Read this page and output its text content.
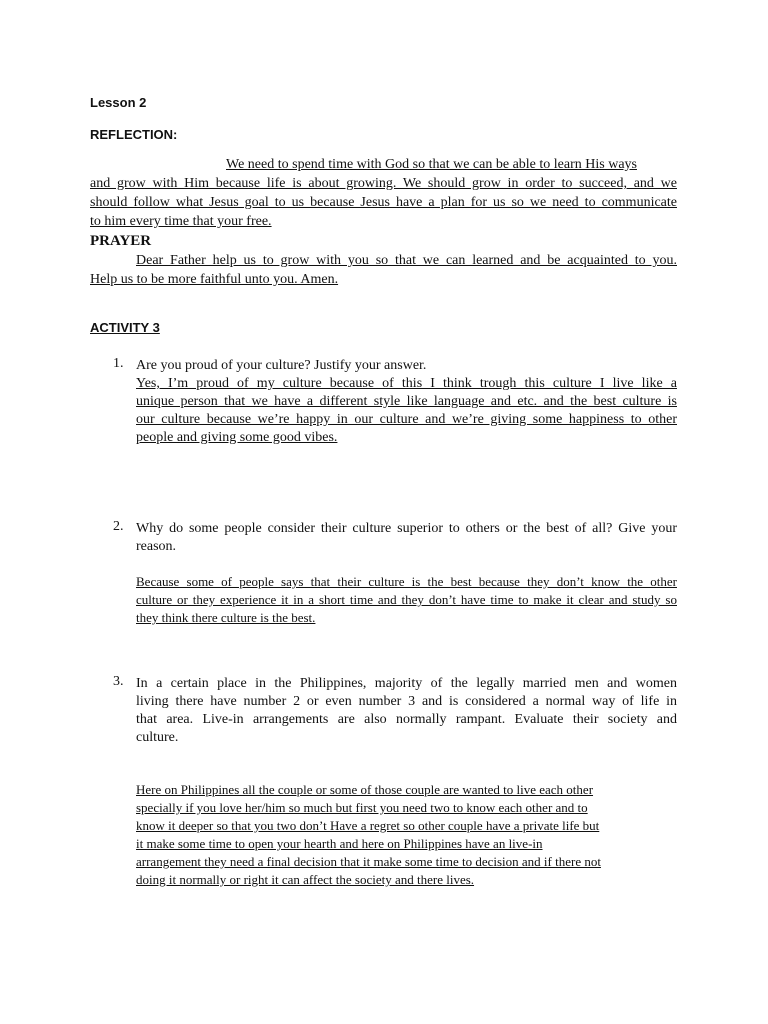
Lesson 2
REFLECTION:
We need to spend time with God so that we can be able to learn His ways
and grow with Him because life is about growing. We should grow in order to succeed, and we
should follow what Jesus goal to us because Jesus have a plan for us so we need to communicate
to him every time that your free.
PRAYER
Dear Father help us to grow with you so that we can learned and be acquainted to you.
Help us to be more faithful unto you. Amen.
ACTIVITY 3
1. Are you proud of your culture? Justify your answer.
Yes, I’m proud of my culture because of this I think trough this culture I live like a
unique person that we have a different style like language and etc. and the best culture is
our culture because we’re happy in our culture and we’re giving some happiness to other
people and giving some good vibes.
2. Why do some people consider their culture superior to others or the best of all? Give your
reason.
Because some of people says that their culture is the best because they don’t know the other
culture or they experience it in a short time and they don’t have time to make it clear and study so
they think there culture is the best.
3. In a certain place in the Philippines, majority of the legally married men and women
living there have number 2 or even number 3 and is considered a normal way of life in
that area. Live-in arrangements are also normally rampant. Evaluate their society and
culture.
Here on Philippines all the couple or some of those couple are wanted to live each other
specially if you love her/him so much but first you need two to know each other and to
know it deeper so that you two don’t Have a regret so other couple have a private life but
it make some time to open your hearth and here on Philippines have an live-in
arrangement they need a final decision that it make some time to decision and if there not
doing it normally or right it can affect the society and there lives.
